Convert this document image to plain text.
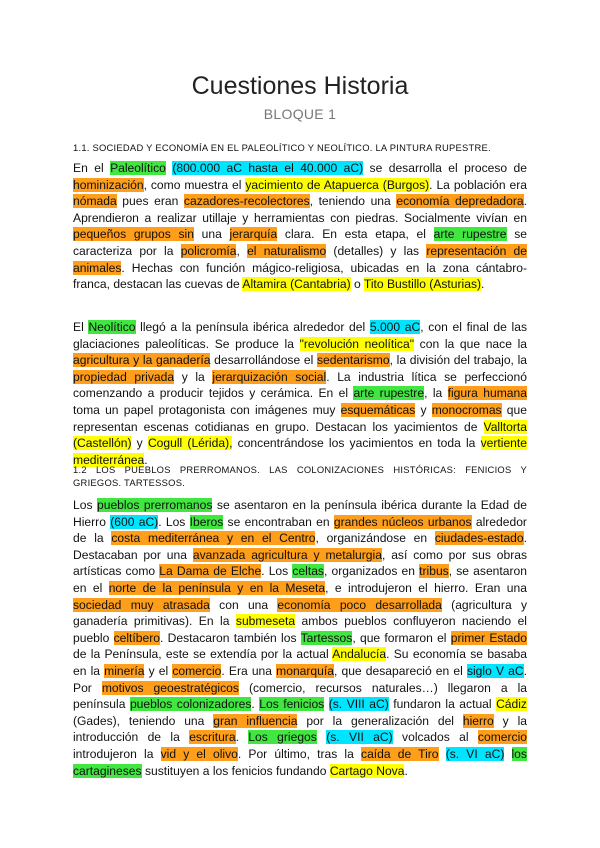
Cuestiones Historia
BLOQUE 1
1.1. SOCIEDAD Y ECONOMÍA EN EL PALEOLÍTICO Y NEOLÍTICO. LA PINTURA RUPESTRE.
En el Paleolítico (800.000 aC hasta el 40.000 aC) se desarrolla el proceso de hominización, como muestra el yacimiento de Atapuerca (Burgos). La población era nómada pues eran cazadores-recolectores, teniendo una economía depredadora. Aprendieron a realizar utillaje y herramientas con piedras. Socialmente vivían en pequeños grupos sin una jerarquía clara. En esta etapa, el arte rupestre se caracteriza por la policromía, el naturalismo (detalles) y las representación de animales. Hechas con función mágico-religiosa, ubicadas en la zona cántabro-franca, destacan las cuevas de Altamira (Cantabria) o Tito Bustillo (Asturias).
El Neolítico llegó a la península ibérica alrededor del 5.000 aC, con el final de las glaciaciones paleolíticas. Se produce la "revolución neolítica" con la que nace la agricultura y la ganadería desarrollándose el sedentarismo, la división del trabajo, la propiedad privada y la jerarquización social. La industria lítica se perfeccionó comenzando a producir tejidos y cerámica. En el arte rupestre, la figura humana toma un papel protagonista con imágenes muy esquemáticas y monocromas que representan escenas cotidianas en grupo. Destacan los yacimientos de Valltorta (Castellón) y Cogull (Lérida), concentrándose los yacimientos en toda la vertiente mediterránea.
1.2 LOS PUEBLOS PRERROMANOS. LAS COLONIZACIONES HISTÓRICAS: FENICIOS Y GRIEGOS. TARTESSOS.
Los pueblos prerromanos se asentaron en la península ibérica durante la Edad de Hierro (600 aC). Los Iberos se encontraban en grandes núcleos urbanos alrededor de la costa mediterránea y en el Centro, organizándose en ciudades-estado. Destacaban por una avanzada agricultura y metalurgia, así como por sus obras artísticas como La Dama de Elche. Los celtas, organizados en tribus, se asentaron en el norte de la península y en la Meseta, e introdujeron el hierro. Eran una sociedad muy atrasada con una economía poco desarrollada (agricultura y ganadería primitivas). En la submeseta ambos pueblos confluyeron naciendo el pueblo celtíbero. Destacaron también los Tartessos, que formaron el primer Estado de la Península, este se extendía por la actual Andalucía. Su economía se basaba en la minería y el comercio. Era una monarquía, que desapareció en el siglo V aC. Por motivos geoestratégicos (comercio, recursos naturales…) llegaron a la península pueblos colonizadores. Los fenicios (s. VIII aC) fundaron la actual Cádiz (Gades), teniendo una gran influencia por la generalización del hierro y la introducción de la escritura. Los griegos (s. VII aC) volcados al comercio introdujeron la vid y el olivo. Por último, tras la caída de Tiro (s. VI aC) los cartagineses sustituyen a los fenicios fundando Cartago Nova.
